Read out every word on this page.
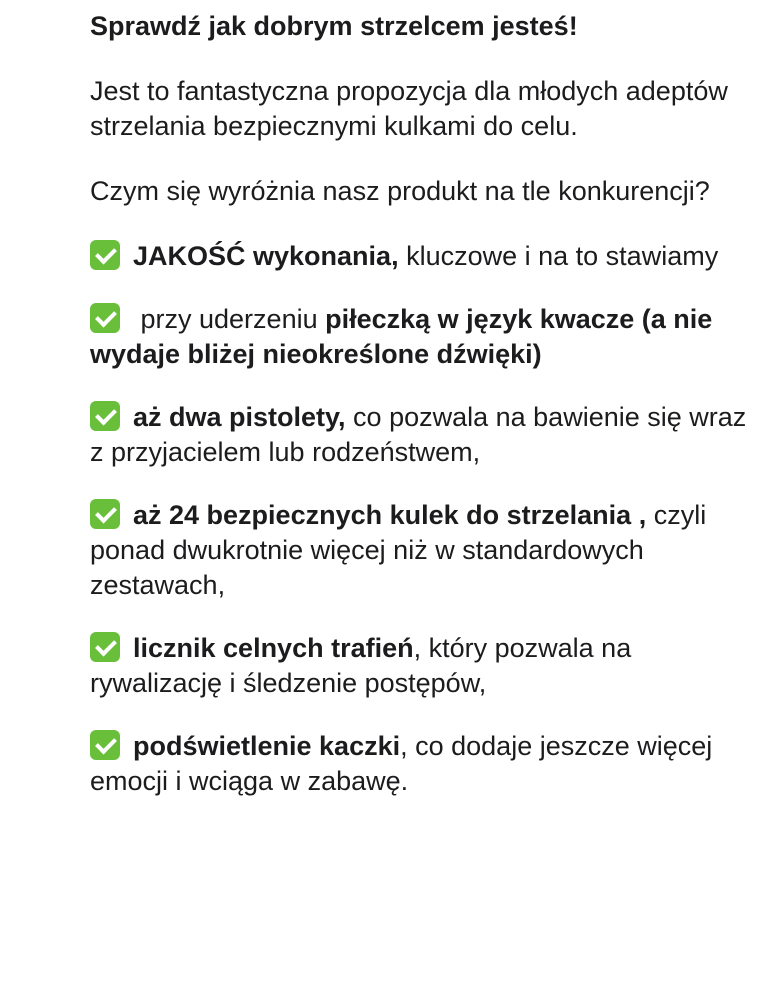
Sprawdź jak dobrym strzelcem jesteś!
Jest to fantastyczna propozycja dla młodych adeptów strzelania bezpiecznymi kulkami do celu.
Czym się wyróżnia nasz produkt na tle konkurencji?
JAKOŚĆ wykonania, kluczowe i na to stawiamy
przy uderzeniu piłeczką w język kwacze (a nie wydaje bliżej nieokreślone dźwięki)
aż dwa pistolety, co pozwala na bawienie się wraz z przyjacielem lub rodzeństwem,
aż 24 bezpiecznych kulek do strzelania , czyli ponad dwukrotnie więcej niż w standardowych zestawach,
licznik celnych trafień, który pozwala na rywalizację i śledzenie postępów,
podświetlenie kaczki, co dodaje jeszcze więcej emocji i wciąga w zabawę.
